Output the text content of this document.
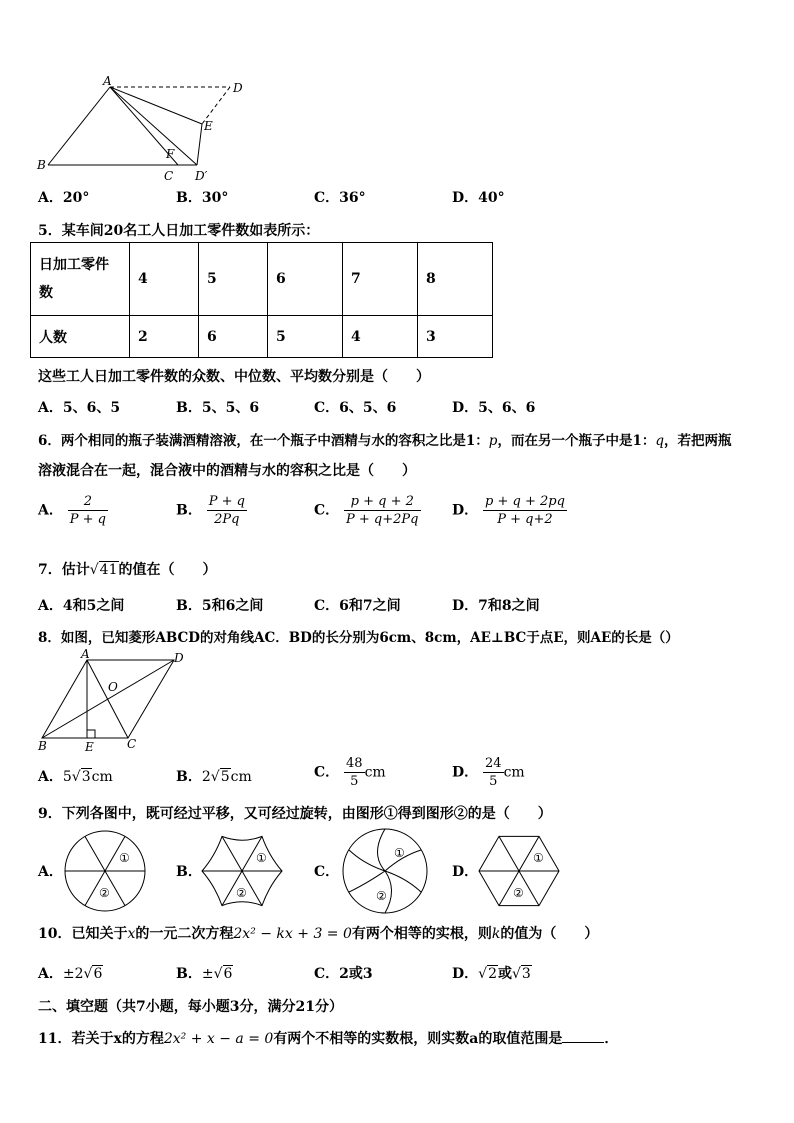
A	D
E
F
B
C D′
A．20°	B．30°	C．36°	D．40°
5．某车间20名工人日加工零件数如表所示：
日加工零件
数	4	5	6	7	8
人数	2	6	5	4	3
这些工人日加工零件数的众数、中位数、平均数分别是（　　）
A．5、6、5	B．5、5、6	C．6、5、6	D．5、6、6
6．两个相同的瓶子装满酒精溶液，在一个瓶子中酒精与水的容积之比是1：p，而在另一个瓶子中是1：q，若把两瓶
溶液混合在一起，混合液中的酒精与水的容积之比是（　　）
A． $\frac{2}{P + q}$	B． $\frac{P + q}{2Pq}$	C． $\frac{p + q + 2}{P + q+2Pq}$ D． $\frac{p + q + 2pq}{P + q+2}$
7．估计√41的值在（　　）
A．4和5之间	B．5和6之间	C．6和7之间	D．7和8之间
8．如图，已知菱形ABCD的对角线AC．BD的长分别为6cm、8cm，AE⊥BC于点E，则AE的长是（）
A	D
O
B	E	C
A．5√3cm	B．2√5cm	C． $\frac{48}{5}$ cm	D． $\frac{24}{5}$ cm
9．下列各图中，既可经过平移，又可经过旋转，由图形①得到图形②的是（　　）
A．
①
②
B．
①
②
C．
①
②
D．
①
②
10．已知关于x的一元二次方程2x² − kx + 3 = 0有两个相等的实根，则k的值为（　　）
A．±2√6	B．±√6	C．2或3	D．√2或√3
二、填空题（共7小题，每小题3分，满分21分）
11．若关于x的方程2x² + x − a = 0有两个不相等的实数根，则实数a的取值范围是	．
